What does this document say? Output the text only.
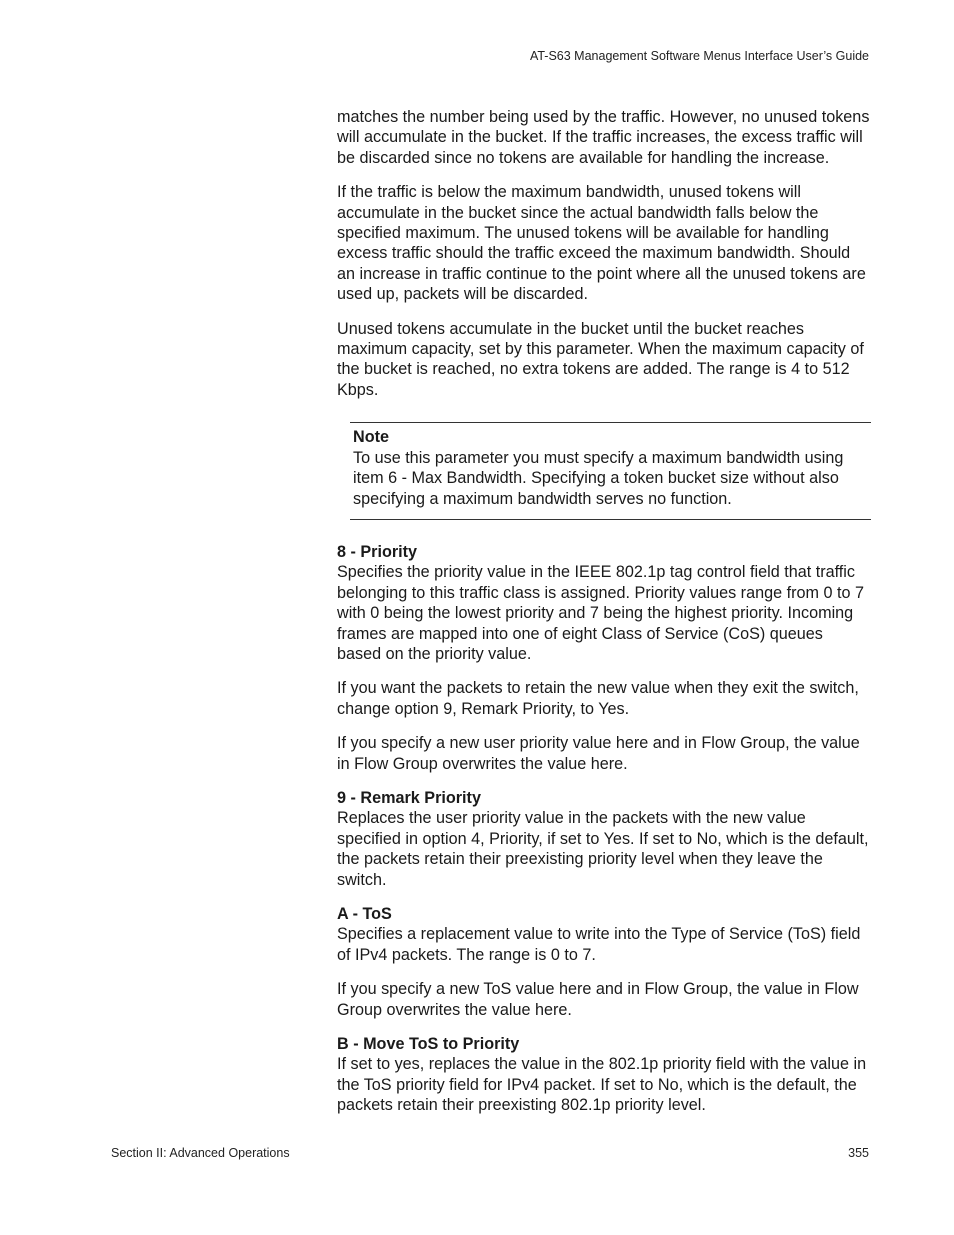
AT-S63 Management Software Menus Interface User’s Guide

matches the number being used by the traffic. However, no unused tokens will accumulate in the bucket. If the traffic increases, the excess traffic will be discarded since no tokens are available for handling the increase.

If the traffic is below the maximum bandwidth, unused tokens will accumulate in the bucket since the actual bandwidth falls below the specified maximum. The unused tokens will be available for handling excess traffic should the traffic exceed the maximum bandwidth. Should an increase in traffic continue to the point where all the unused tokens are used up, packets will be discarded.

Unused tokens accumulate in the bucket until the bucket reaches maximum capacity, set by this parameter. When the maximum capacity of the bucket is reached, no extra tokens are added. The range is 4 to 512 Kbps.

Note
To use this parameter you must specify a maximum bandwidth using item 6 - Max Bandwidth. Specifying a token bucket size without also specifying a maximum bandwidth serves no function.
8 - Priority
Specifies the priority value in the IEEE 802.1p tag control field that traffic belonging to this traffic class is assigned. Priority values range from 0 to 7 with 0 being the lowest priority and 7 being the highest priority. Incoming frames are mapped into one of eight Class of Service (CoS) queues based on the priority value.

If you want the packets to retain the new value when they exit the switch, change option 9, Remark Priority, to Yes.

If you specify a new user priority value here and in Flow Group, the value in Flow Group overwrites the value here.

9 - Remark Priority
Replaces the user priority value in the packets with the new value specified in option 4, Priority, if set to Yes. If set to No, which is the default, the packets retain their preexisting priority level when they leave the switch.
A - ToS
Specifies a replacement value to write into the Type of Service (ToS) field of IPv4 packets. The range is 0 to 7.

If you specify a new ToS value here and in Flow Group, the value in Flow Group overwrites the value here.

B - Move ToS to Priority
If set to yes, replaces the value in the 802.1p priority field with the value in the ToS priority field for IPv4 packet. If set to No, which is the default, the packets retain their preexisting 802.1p priority level.
Section II: Advanced Operations	355
